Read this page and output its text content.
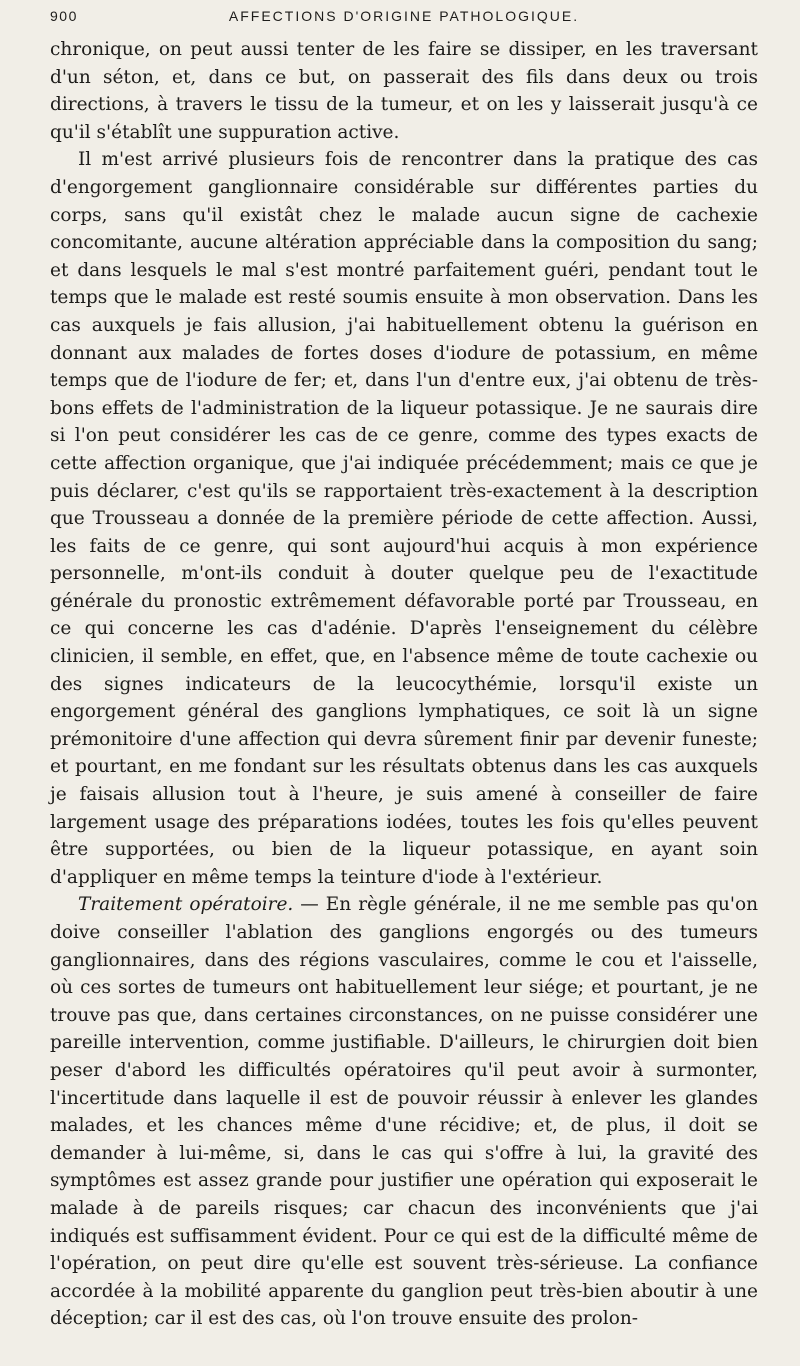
900	AFFECTIONS D'ORIGINE PATHOLOGIQUE.

chronique, on peut aussi tenter de les faire se dissiper, en les traversant d'un séton, et, dans ce but, on passerait des fils dans deux ou trois directions, à travers le tissu de la tumeur, et on les y laisserait jusqu'à ce qu'il s'établît une suppuration active.

Il m'est arrivé plusieurs fois de rencontrer dans la pratique des cas d'engorgement ganglionnaire considérable sur différentes parties du corps, sans qu'il existât chez le malade aucun signe de cachexie concomitante, aucune altération appréciable dans la composition du sang; et dans lesquels le mal s'est montré parfaitement guéri, pendant tout le temps que le malade est resté soumis ensuite à mon observation. Dans les cas auxquels je fais allusion, j'ai habituellement obtenu la guérison en donnant aux malades de fortes doses d'iodure de potassium, en même temps que de l'iodure de fer; et, dans l'un d'entre eux, j'ai obtenu de très-bons effets de l'administration de la liqueur potassique. Je ne saurais dire si l'on peut considérer les cas de ce genre, comme des types exacts de cette affection organique, que j'ai indiquée précédemment; mais ce que je puis déclarer, c'est qu'ils se rapportaient très-exactement à la description que Trousseau a donnée de la première période de cette affection. Aussi, les faits de ce genre, qui sont aujourd'hui acquis à mon expérience personnelle, m'ont-ils conduit à douter quelque peu de l'exactitude générale du pronostic extrêmement défavorable porté par Trousseau, en ce qui concerne les cas d'adénie. D'après l'enseignement du célèbre clinicien, il semble, en effet, que, en l'absence même de toute cachexie ou des signes indicateurs de la leucocythémie, lorsqu'il existe un engorgement général des ganglions lymphatiques, ce soit là un signe prémonitoire d'une affection qui devra sûrement finir par devenir funeste; et pourtant, en me fondant sur les résultats obtenus dans les cas auxquels je faisais allusion tout à l'heure, je suis amené à conseiller de faire largement usage des préparations iodées, toutes les fois qu'elles peuvent être supportées, ou bien de la liqueur potassique, en ayant soin d'appliquer en même temps la teinture d'iode à l'extérieur.

Traitement opératoire. — En règle générale, il ne me semble pas qu'on doive conseiller l'ablation des ganglions engorgés ou des tumeurs ganglionnaires, dans des régions vasculaires, comme le cou et l'aisselle, où ces sortes de tumeurs ont habituellement leur siége; et pourtant, je ne trouve pas que, dans certaines circonstances, on ne puisse considérer une pareille intervention, comme justifiable. D'ailleurs, le chirurgien doit bien peser d'abord les difficultés opératoires qu'il peut avoir à surmonter, l'incertitude dans laquelle il est de pouvoir réussir à enlever les glandes malades, et les chances même d'une récidive; et, de plus, il doit se demander à lui-même, si, dans le cas qui s'offre à lui, la gravité des symptômes est assez grande pour justifier une opération qui exposerait le malade à de pareils risques; car chacun des inconvénients que j'ai indiqués est suffisamment évident. Pour ce qui est de la difficulté même de l'opération, on peut dire qu'elle est souvent très-sérieuse. La confiance accordée à la mobilité apparente du ganglion peut très-bien aboutir à une déception; car il est des cas, où l'on trouve ensuite des prolon-
